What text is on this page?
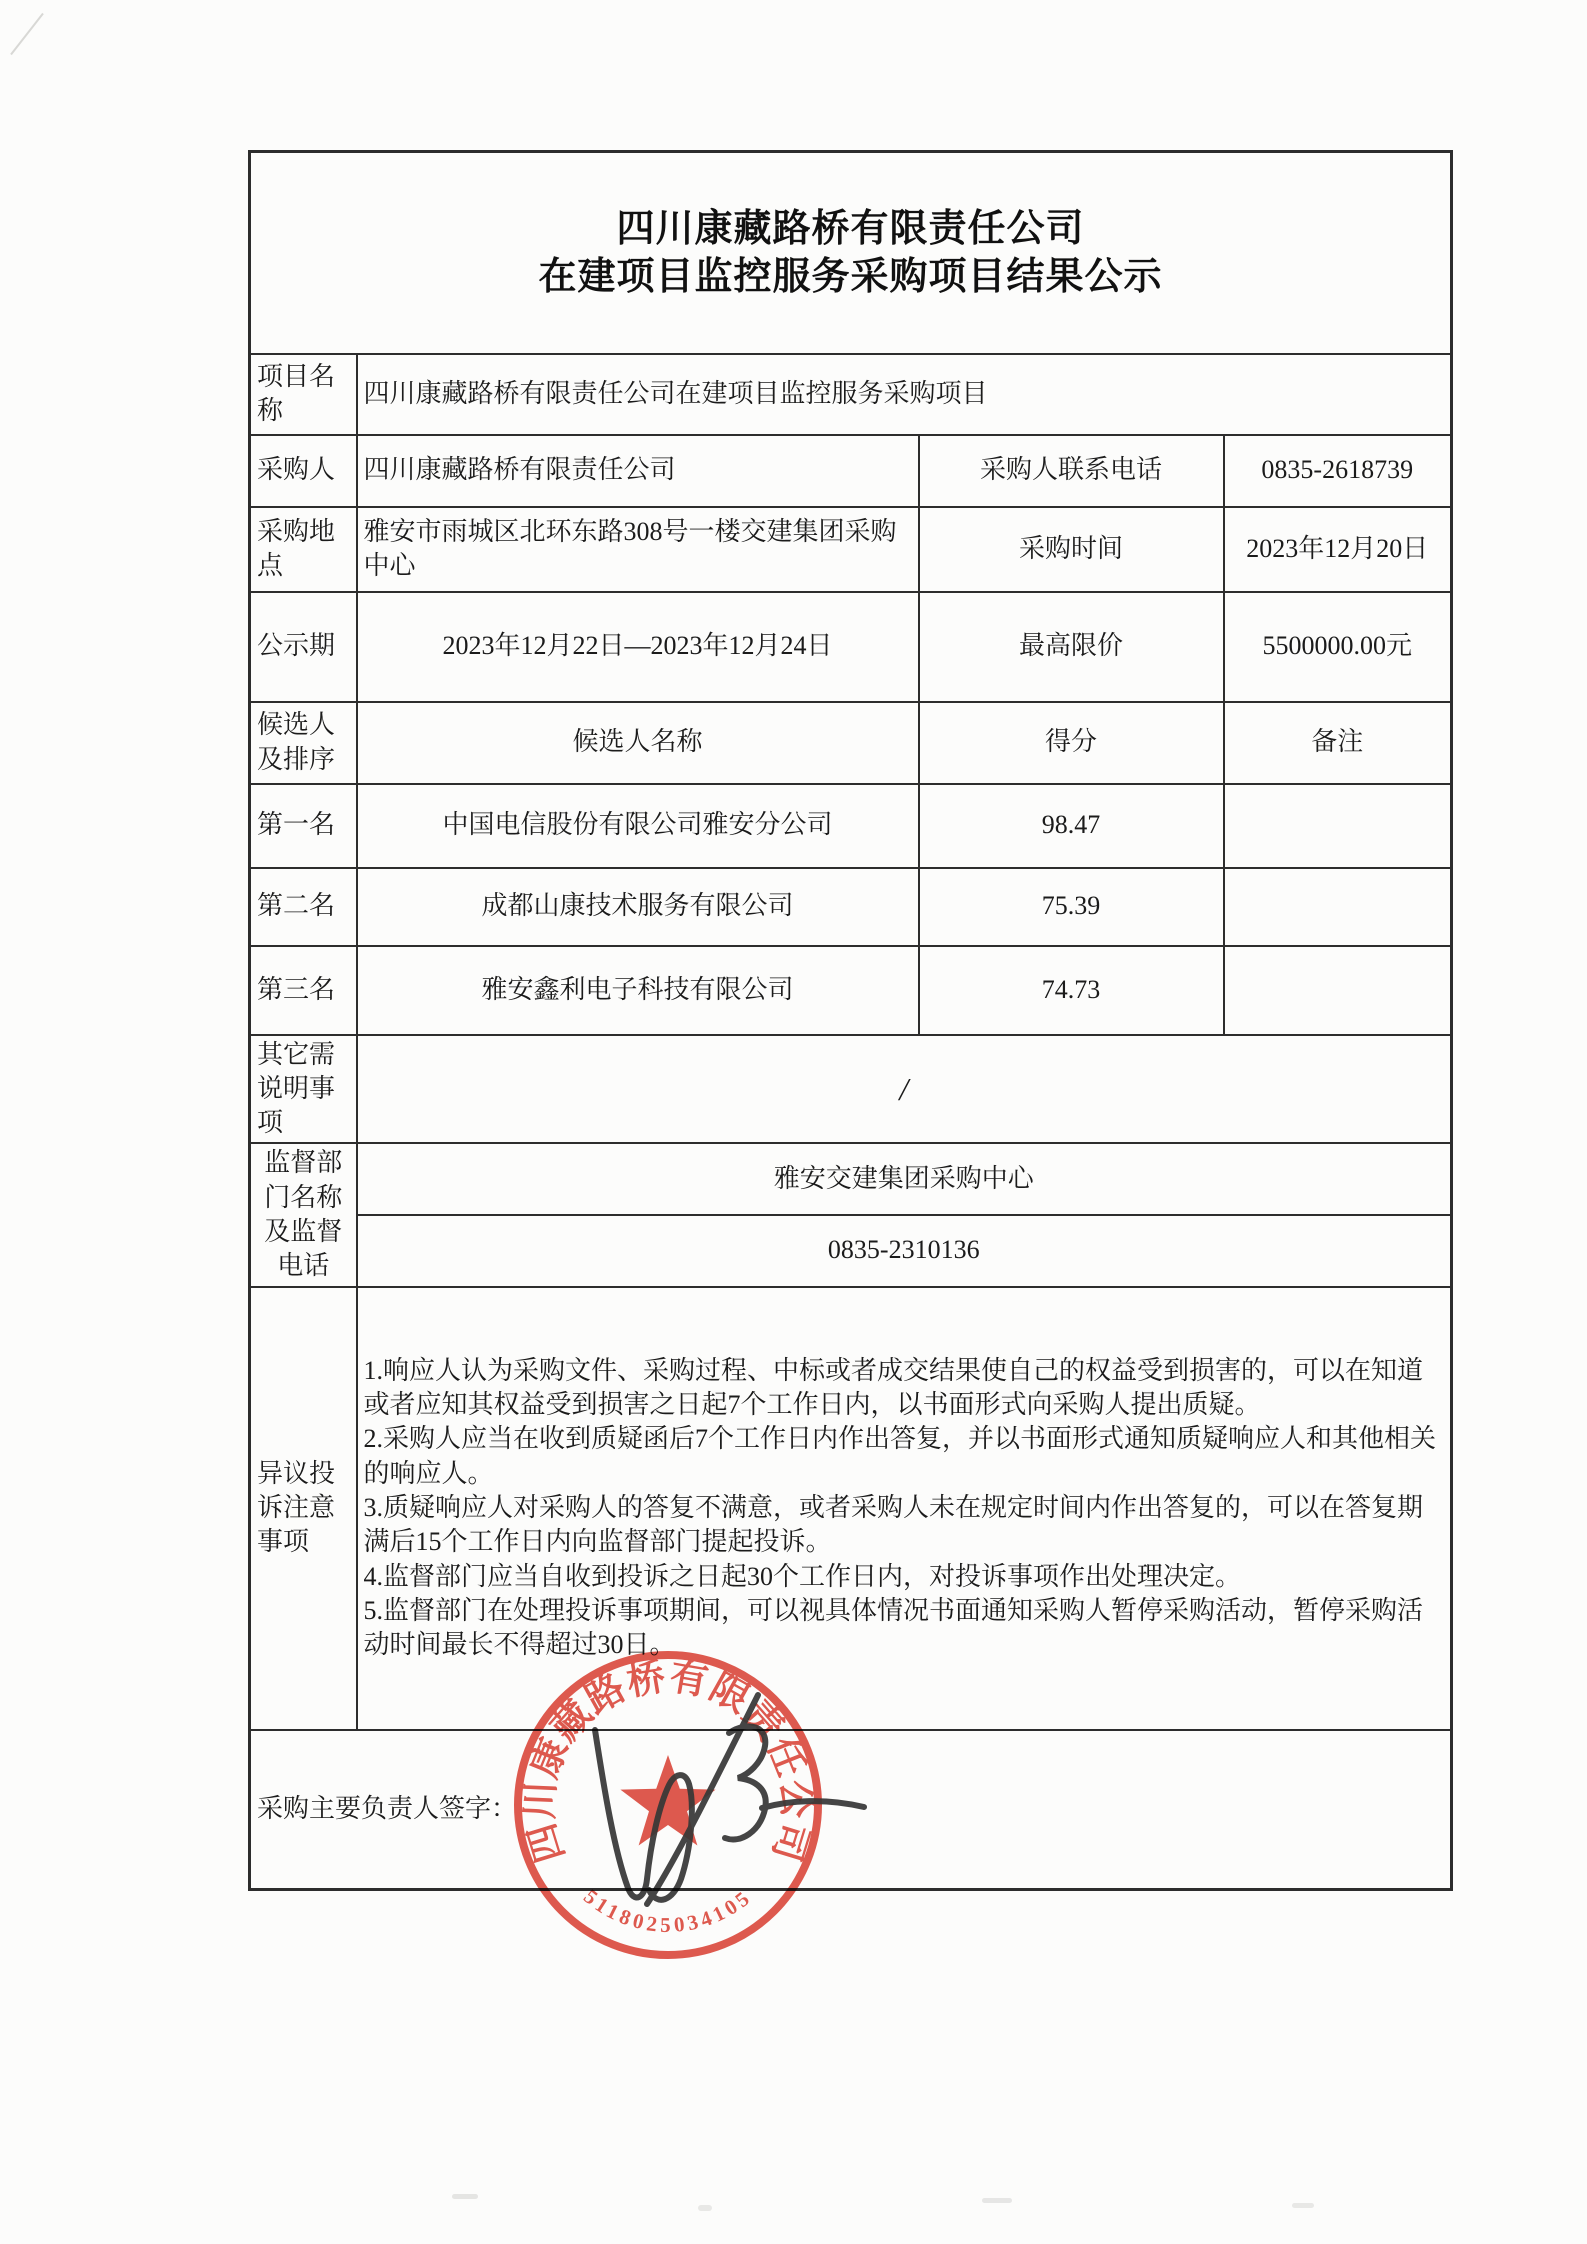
四川康藏路桥有限责任公司
在建项目监控服务采购项目结果公示			

项目名称	四川康藏路桥有限责任公司在建项目监控服务采购项目		
采购人	四川康藏路桥有限责任公司	采购人联系电话	0835-2618739
采购地点	雅安市雨城区北环东路308号一楼交建集团采购中心	采购时间	2023年12月20日
公示期	2023年12月22日—2023年12月24日	最高限价	5500000.00元
候选人及排序	候选人名称	得分	备注
第一名	中国电信股份有限公司雅安分公司	98.47	
第二名	成都山康技术服务有限公司	75.39	
第三名	雅安鑫利电子科技有限公司	74.73	
其它需说明事项	/		
监督部门名称及监督电话	雅安交建集团采购中心		
	0835-2310136		
异议投诉注意事项	1.响应人认为采购文件、采购过程、中标或者成交结果使自己的权益受到损害的，可以在知道或者应知其权益受到损害之日起7个工作日内，以书面形式向采购人提出质疑。

2.采购人应当在收到质疑函后7个工作日内作出答复，并以书面形式通知质疑响应人和其他相关的响应人。

3.质疑响应人对采购人的答复不满意，或者采购人未在规定时间内作出答复的，可以在答复期满后15个工作日内向监督部门提起投诉。

4.监督部门应当自收到投诉之日起30个工作日内，对投诉事项作出处理决定。

5.监督部门在处理投诉事项期间，可以视具体情况书面通知采购人暂停采购活动，暂停采购活动时间最长不得超过30日。		

采购主要负责人签字：			
四川康藏路桥有限责任公司
5118025034105
